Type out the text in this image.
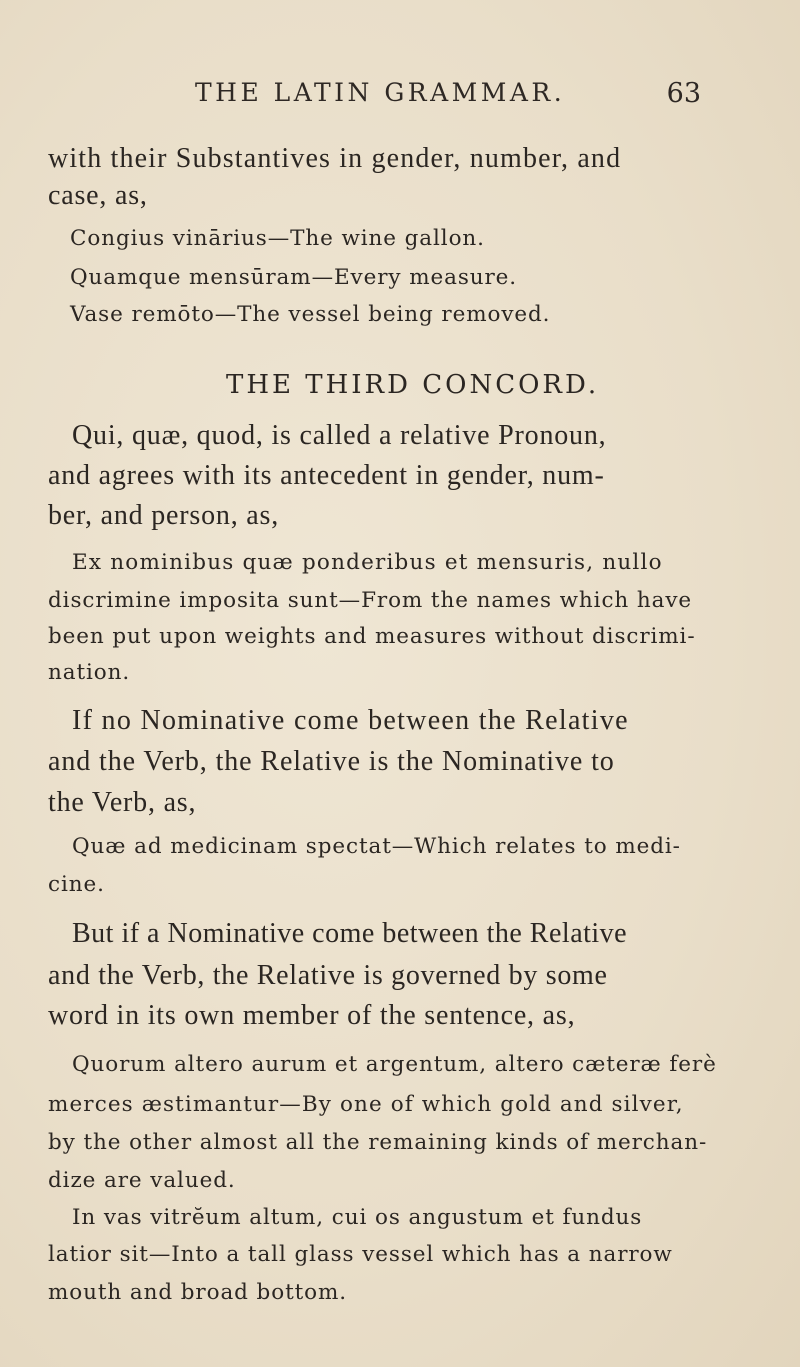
THE LATIN GRAMMAR.	63
with their Substantives in gender, number, and
case, as,
Congius vinārius—The wine gallon.
Quamque mensūram—Every measure.
Vase remōto—The vessel being removed.
THE THIRD CONCORD.
Qui, quæ, quod, is called a relative Pronoun,
and agrees with its antecedent in gender, num-
ber, and person, as,
Ex nominibus quæ ponderibus et mensuris, nullo
discrimine imposita sunt—From the names which have
been put upon weights and measures without discrimi-
nation.
If no Nominative come between the Relative
and the Verb, the Relative is the Nominative to
the Verb, as,
Quæ ad medicinam spectat—Which relates to medi-
cine.
But if a Nominative come between the Relative
and the Verb, the Relative is governed by some
word in its own member of the sentence, as,
Quorum altero aurum et argentum, altero cæteræ ferè
merces æstimantur—By one of which gold and silver,
by the other almost all the remaining kinds of merchan-
dize are valued.
In vas vitrĕum altum, cui os angustum et fundus
latior sit—Into a tall glass vessel which has a narrow
mouth and broad bottom.
